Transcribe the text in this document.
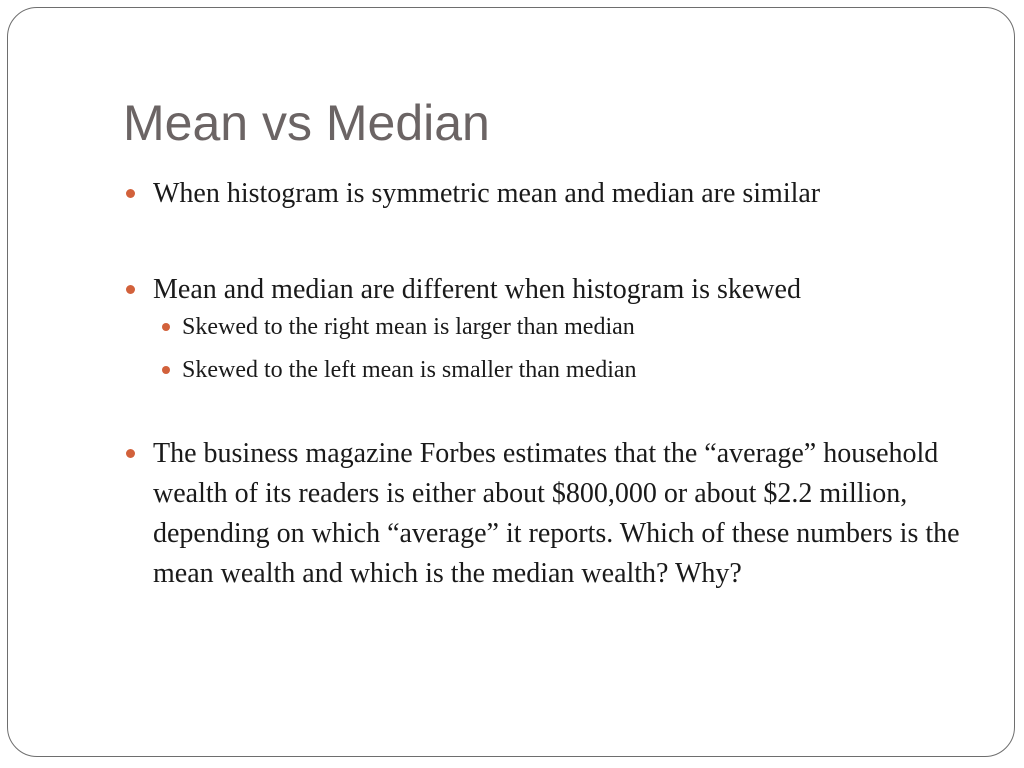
Mean vs Median
When histogram is symmetric mean and median are similar
Mean and median are different when histogram is skewed
Skewed to the right mean is larger than median
Skewed to the left mean is smaller than median
The business magazine Forbes estimates that the “average” household wealth of its readers is either about $800,000 or about $2.2 million, depending on which “average” it reports. Which of these numbers is the mean wealth and which is the median wealth? Why?
